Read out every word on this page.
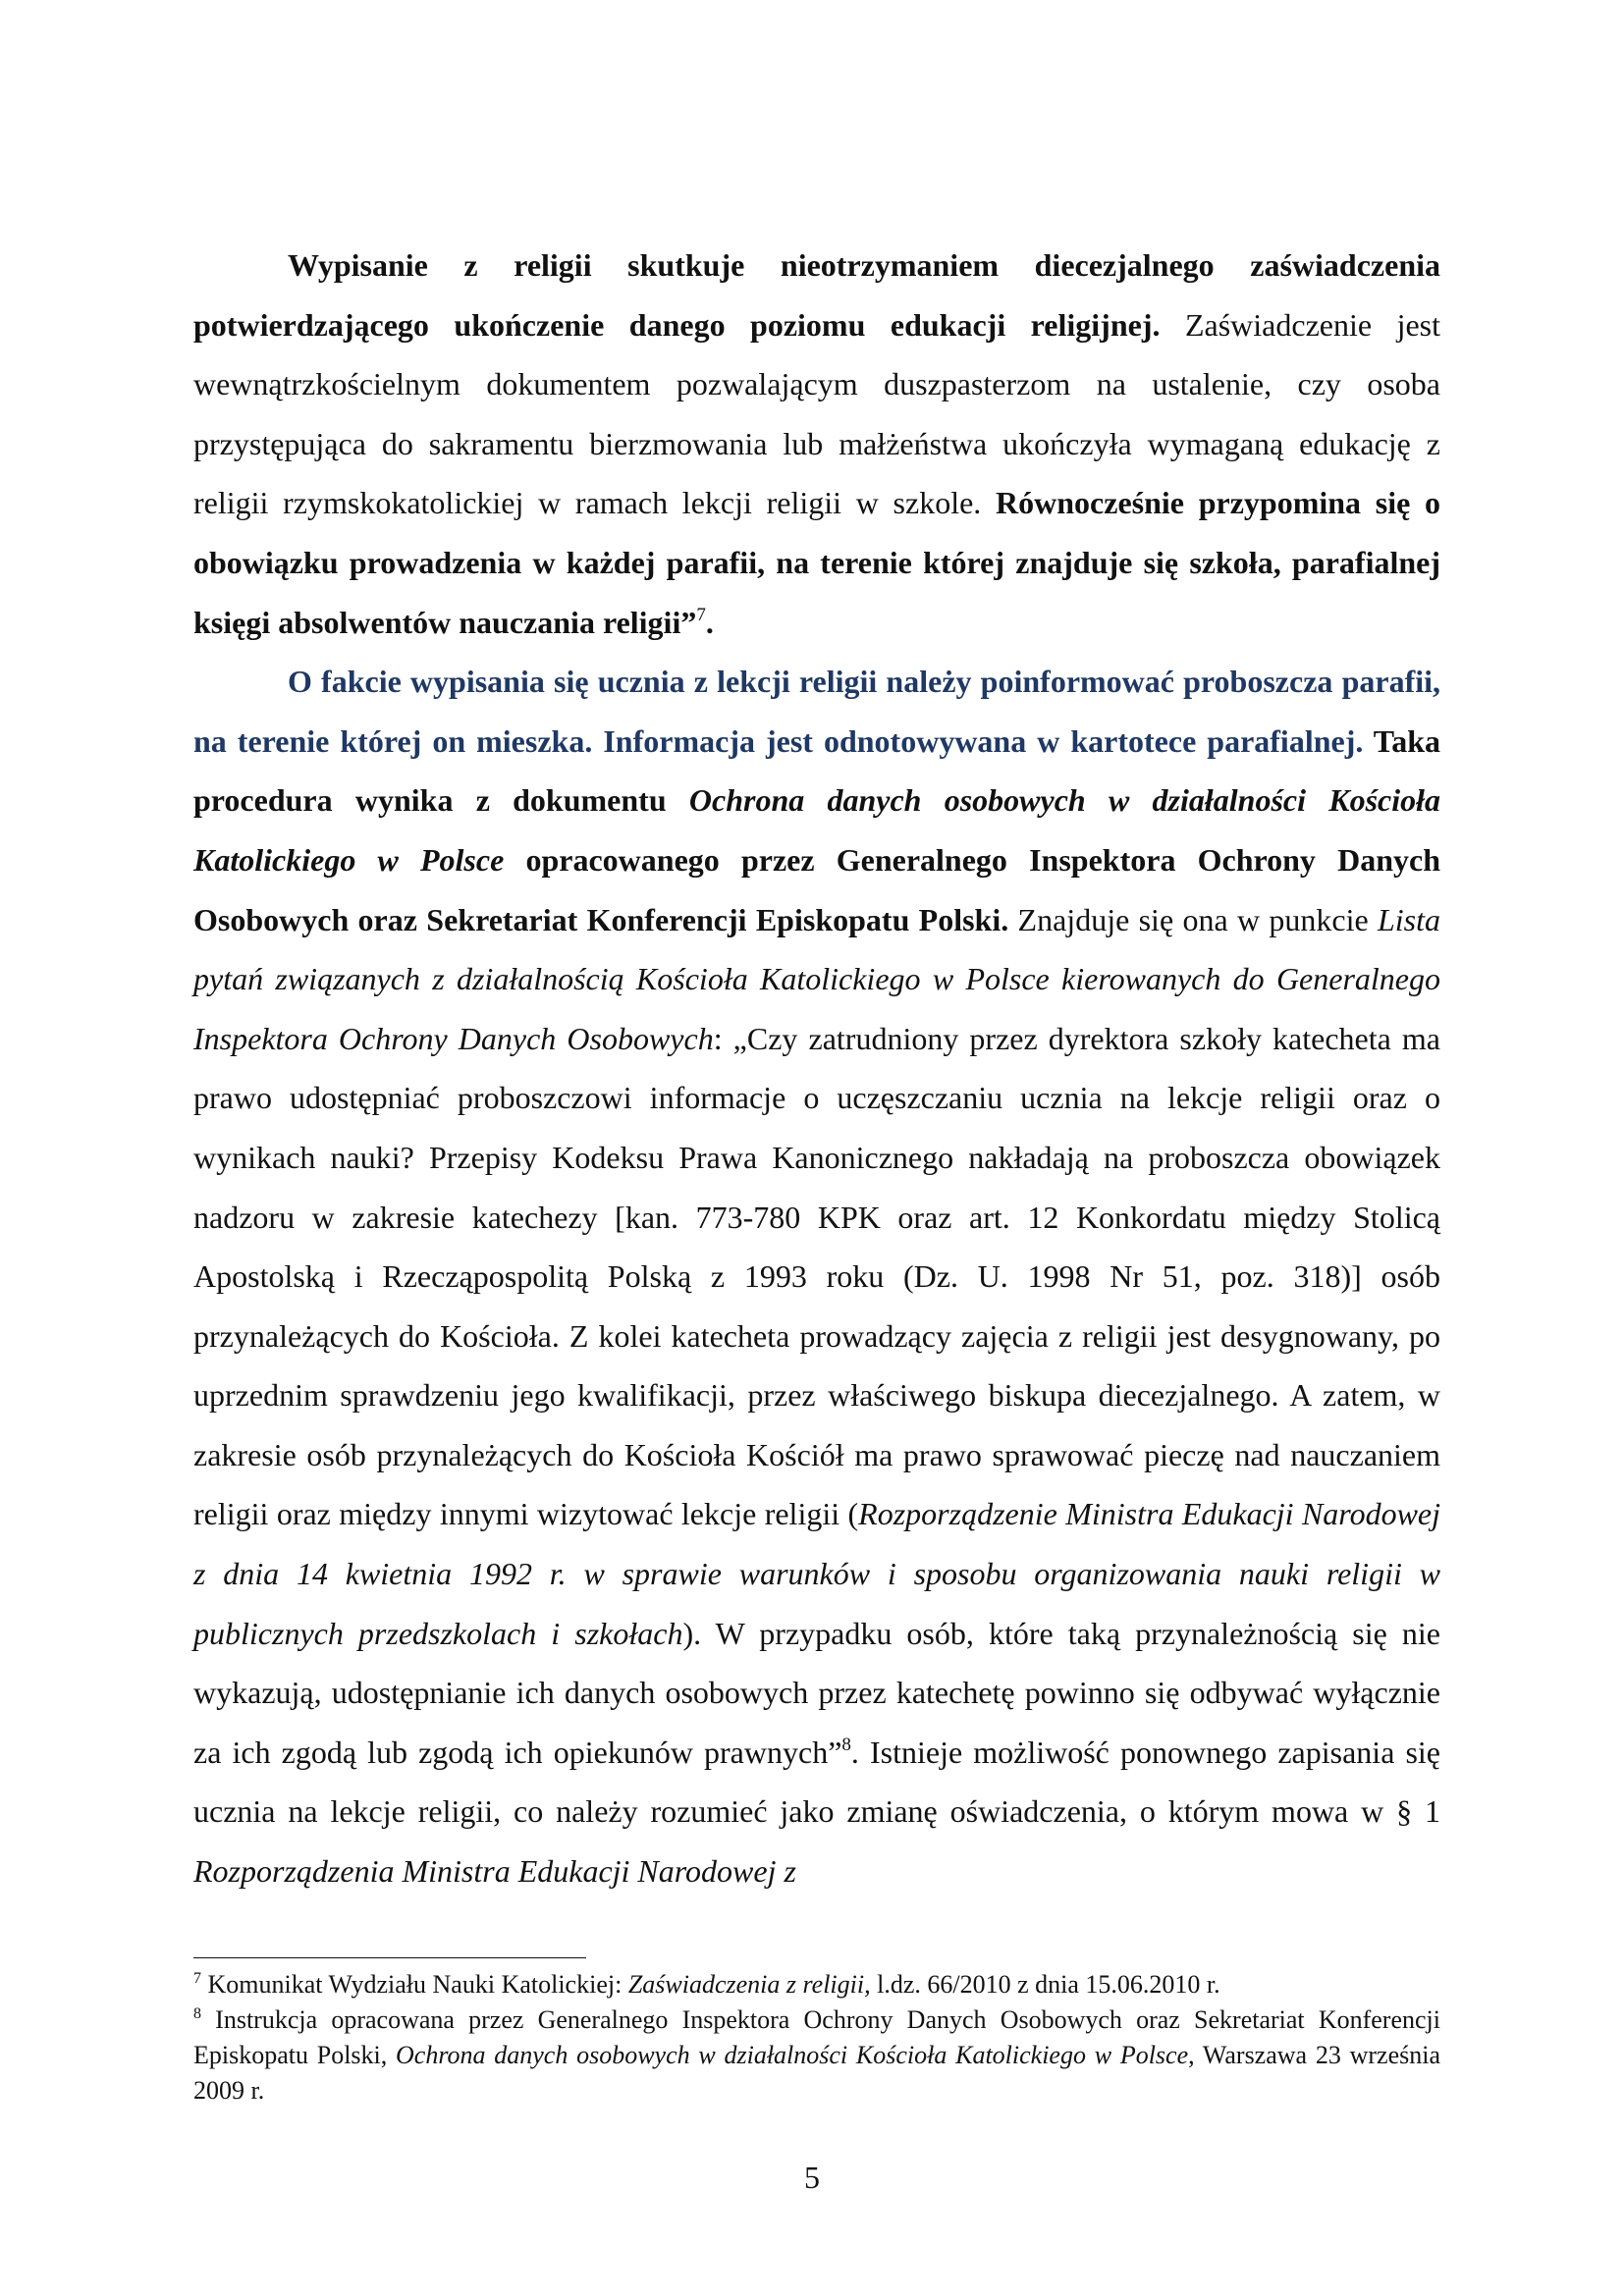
Wypisanie z religii skutkuje nieotrzymaniem diecezjalnego zaświadczenia potwierdzającego ukończenie danego poziomu edukacji religijnej. Zaświadczenie jest wewnątrzkościelnym dokumentem pozwalającym duszpasterzom na ustalenie, czy osoba przystępująca do sakramentu bierzmowania lub małżeństwa ukończyła wymaganą edukację z religii rzymskokatolickiej w ramach lekcji religii w szkole. Równocześnie przypomina się o obowiązku prowadzenia w każdej parafii, na terenie której znajduje się szkoła, parafialnej księgi absolwentów nauczania religii”$^7$.

O fakcie wypisania się ucznia z lekcji religii należy poinformować proboszcza parafii, na terenie której on mieszka. Informacja jest odnotowywana w kartotece parafialnej. Taka procedura wynika z dokumentu Ochrona danych osobowych w działalności Kościoła Katolickiego w Polsce opracowanego przez Generalnego Inspektora Ochrony Danych Osobowych oraz Sekretariat Konferencji Episkopatu Polski. Znajduje się ona w punkcie Lista pytań związanych z działalnością Kościoła Katolickiego w Polsce kierowanych do Generalnego Inspektora Ochrony Danych Osobowych: „Czy zatrudniony przez dyrektora szkoły katecheta ma prawo udostępniać proboszczowi informacje o uczęszczaniu ucznia na lekcje religii oraz o wynikach nauki? Przepisy Kodeksu Prawa Kanonicznego nakładają na proboszcza obowiązek nadzoru w zakresie katechezy [kan. 773-780 KPK oraz art. 12 Konkordatu między Stolicą Apostolską i Rzecząpospolitą Polską z 1993 roku (Dz. U. 1998 Nr 51, poz. 318)] osób przynależących do Kościoła. Z kolei katecheta prowadzący zajęcia z religii jest desygnowany, po uprzednim sprawdzeniu jego kwalifikacji, przez właściwego biskupa diecezjalnego. A zatem, w zakresie osób przynależących do Kościoła Kościół ma prawo sprawować pieczę nad nauczaniem religii oraz między innymi wizytować lekcje religii (Rozporządzenie Ministra Edukacji Narodowej z dnia 14 kwietnia 1992 r. w sprawie warunków i sposobu organizowania nauki religii w publicznych przedszkolach i szkołach). W przypadku osób, które taką przynależnością się nie wykazują, udostępnianie ich danych osobowych przez katechetę powinno się odbywać wyłącznie za ich zgodą lub zgodą ich opiekunów prawnych”$^8$. Istnieje możliwość ponownego zapisania się ucznia na lekcje religii, co należy rozumieć jako zmianę oświadczenia, o którym mowa w § 1 Rozporządzenia Ministra Edukacji Narodowej z

$^7$ Komunikat Wydziału Nauki Katolickiej: Zaświadczenia z religii, l.dz. 66/2010 z dnia 15.06.2010 r.

$^8$ Instrukcja opracowana przez Generalnego Inspektora Ochrony Danych Osobowych oraz Sekretariat Konferencji Episkopatu Polski, Ochrona danych osobowych w działalności Kościoła Katolickiego w Polsce, Warszawa 23 września 2009 r.

5
